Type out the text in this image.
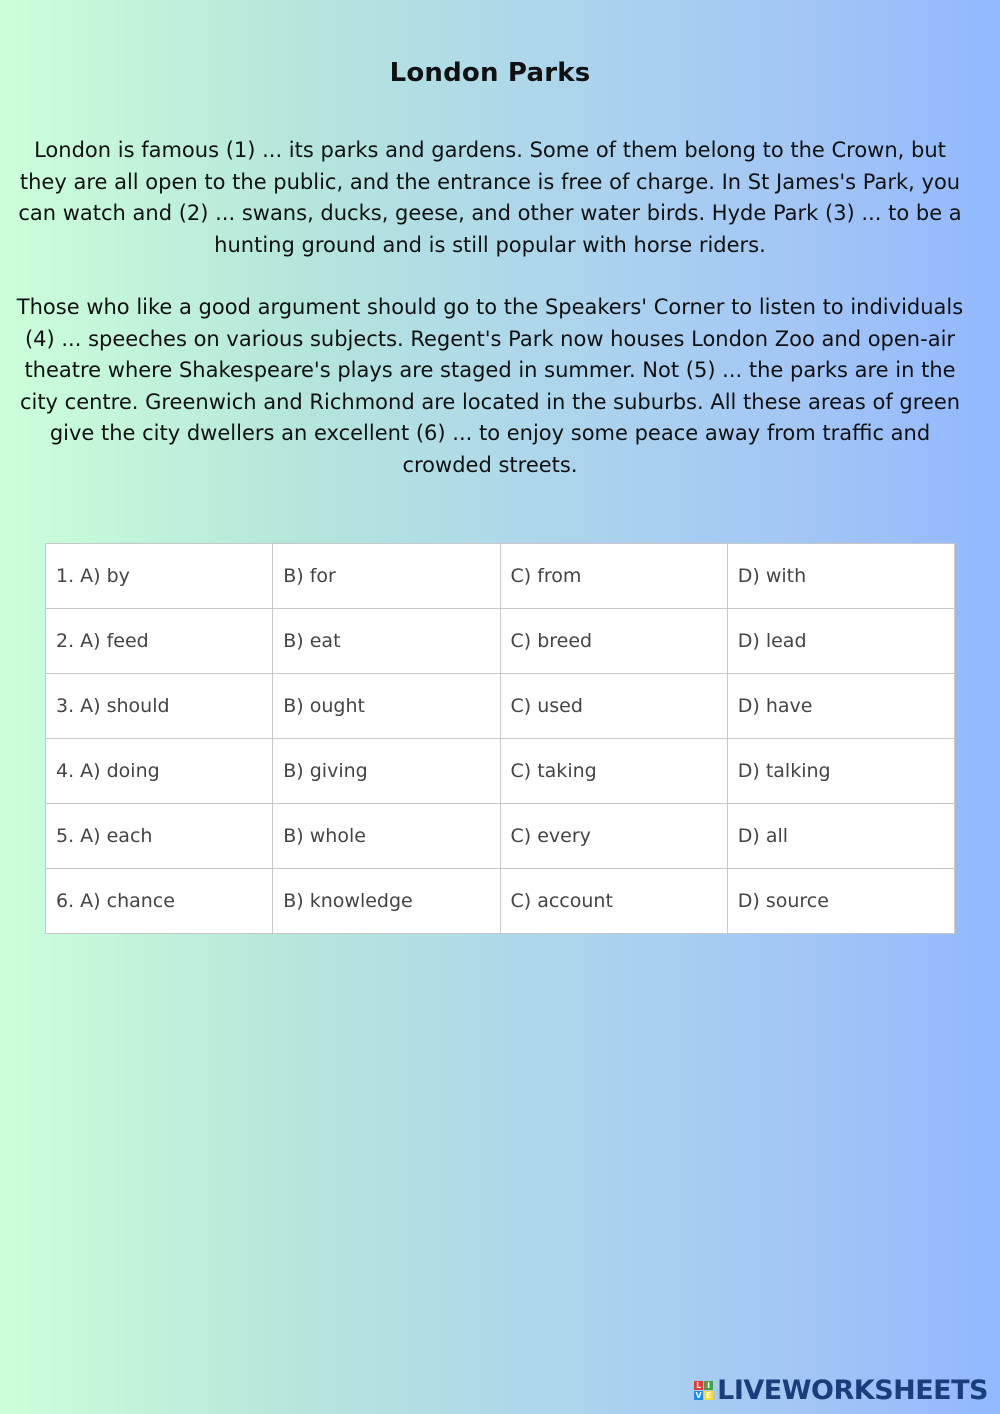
London Parks

London is famous (1) ... its parks and gardens. Some of them belong to the Crown, but they are all open to the public, and the entrance is free of charge. In St James's Park, you can watch and (2) ... swans, ducks, geese, and other water birds. Hyde Park (3) ... to be a hunting ground and is still popular with horse riders.

Those who like a good argument should go to the Speakers' Corner to listen to individuals (4) ... speeches on various subjects. Regent's Park now houses London Zoo and open-air theatre where Shakespeare's plays are staged in summer. Not (5) ... the parks are in the city centre. Greenwich and Richmond are located in the suburbs. All these areas of green give the city dwellers an excellent (6) ... to enjoy some peace away from traffic and crowded streets.

1. A) by	B) for	C) from	D) with
2. A) feed	B) eat	C) breed	D) lead
3. A) should	B) ought	C) used	D) have
4. A) doing	B) giving	C) taking	D) talking
5. A) each	B) whole	C) every	D) all
6. A) chance	B) knowledge	C) account	D) source
L I
V E LIVEWORKSHEETS
